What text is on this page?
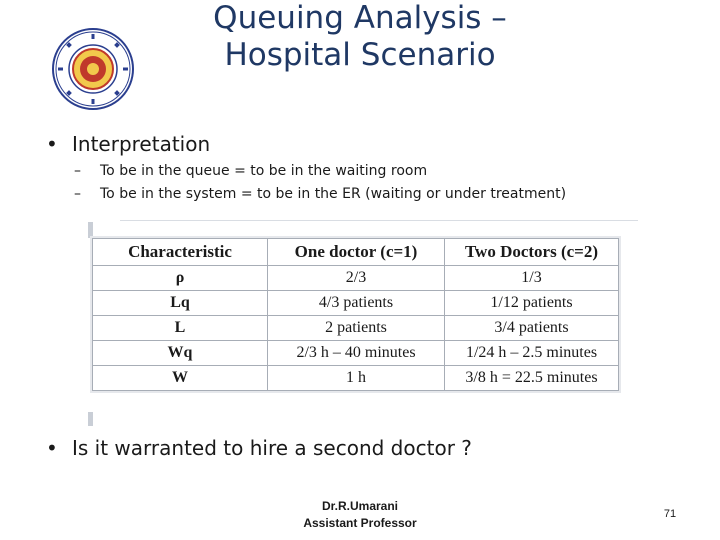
Queuing Analysis –
Hospital Scenario
• Interpretation
– To be in the queue = to be in the waiting room
– To be in the system = to be in the ER (waiting or under treatment)
Characteristic	One doctor (c=1)	Two Doctors (c=2)
ρ	2/3	1/3
Lq	4/3 patients	1/12 patients
L	2 patients	3/4 patients
Wq	2/3 h – 40 minutes	1/24 h – 2.5 minutes
W	1 h	3/8 h = 22.5 minutes
• Is it warranted to hire a second doctor ?
Dr.R.Umarani
Assistant Professor
71
